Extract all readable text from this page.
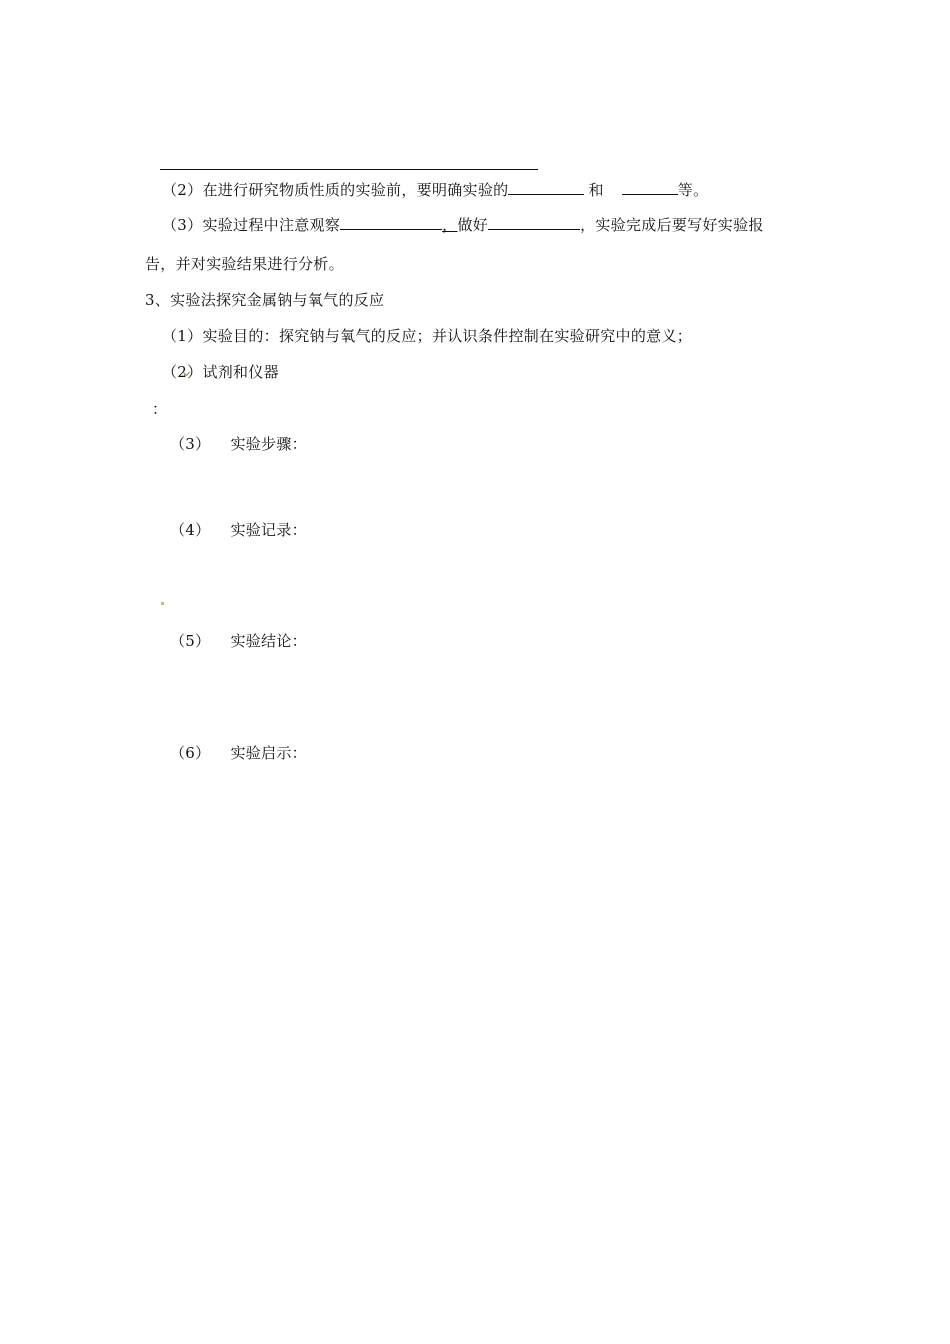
（2）在进行研究物质性质的实验前，要明确实验的	和	等。
（3）实验过程中注意观察	，做好	，实验完成后要写好实验报
告，并对实验结果进行分析。
3、实验法探究金属钠与氧气的反应
（1）实验目的：探究钠与氧气的反应；并认识条件控制在实验研究中的意义；
（2）试剂和仪器
：
（3） 实验步骤：
（4） 实验记录：
（5） 实验结论：
（6） 实验启示：
